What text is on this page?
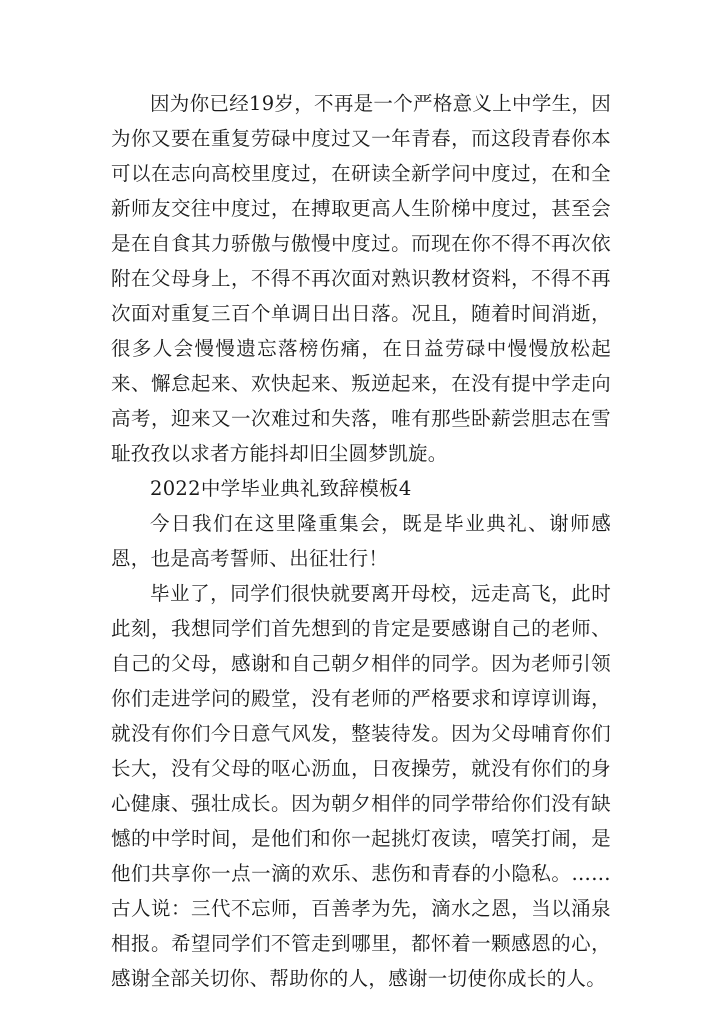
因为你已经19岁，不再是一个严格意义上中学生，因为你又要在重复劳碌中度过又一年青春，而这段青春你本可以在志向高校里度过，在研读全新学问中度过，在和全新师友交往中度过，在搏取更高人生阶梯中度过，甚至会是在自食其力骄傲与傲慢中度过。而现在你不得不再次依附在父母身上，不得不再次面对熟识教材资料，不得不再次面对重复三百个单调日出日落。况且，随着时间消逝，很多人会慢慢遗忘落榜伤痛，在日益劳碌中慢慢放松起来、懈怠起来、欢快起来、叛逆起来，在没有提中学走向高考，迎来又一次难过和失落，唯有那些卧薪尝胆志在雪耻孜孜以求者方能抖却旧尘圆梦凯旋。

2022中学毕业典礼致辞模板4

今日我们在这里隆重集会，既是毕业典礼、谢师感恩，也是高考誓师、出征壮行！

毕业了，同学们很快就要离开母校，远走高飞，此时此刻，我想同学们首先想到的肯定是要感谢自己的老师、自己的父母，感谢和自己朝夕相伴的同学。因为老师引领你们走进学问的殿堂，没有老师的严格要求和谆谆训诲，就没有你们今日意气风发，整装待发。因为父母哺育你们长大，没有父母的呕心沥血，日夜操劳，就没有你们的身心健康、强壮成长。因为朝夕相伴的同学带给你们没有缺憾的中学时间，是他们和你一起挑灯夜读，嘻笑打闹，是他们共享你一点一滴的欢乐、悲伤和青春的小隐私。……古人说：三代不忘师，百善孝为先，滴水之恩，当以涌泉相报。希望同学们不管走到哪里，都怀着一颗感恩的心，感谢全部关切你、帮助你的人，感谢一切使你成长的人。
